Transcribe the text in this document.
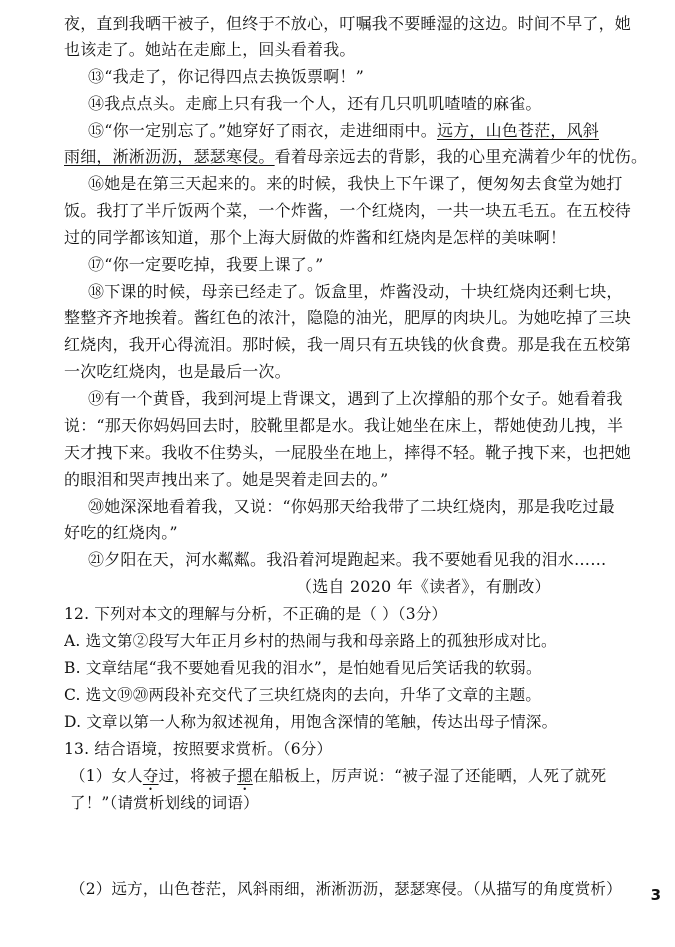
夜，直到我晒干被子，但终于不放心，叮嘱我不要睡湿的这边。时间不早了，她
也该走了。她站在走廊上，回头看着我。
⑬“我走了，你记得四点去换饭票啊！”
⑭我点点头。走廊上只有我一个人，还有几只叽叽喳喳的麻雀。
⑮“你一定别忘了。”她穿好了雨衣，走进细雨中。远方，山色苍茫，风斜
雨细，淅淅沥沥，瑟瑟寒侵。看着母亲远去的背影，我的心里充满着少年的忧伤。
⑯她是在第三天起来的。来的时候，我快上下午课了，便匆匆去食堂为她打
饭。我打了半斤饭两个菜，一个炸酱，一个红烧肉，一共一块五毛五。在五校待
过的同学都该知道，那个上海大厨做的炸酱和红烧肉是怎样的美味啊！
⑰“你一定要吃掉，我要上课了。”
⑱下课的时候，母亲已经走了。饭盒里，炸酱没动，十块红烧肉还剩七块，
整整齐齐地挨着。酱红色的浓汁，隐隐的油光，肥厚的肉块儿。为她吃掉了三块
红烧肉，我开心得流泪。那时候，我一周只有五块钱的伙食费。那是我在五校第
一次吃红烧肉，也是最后一次。
⑲有一个黄昏，我到河堤上背课文，遇到了上次撑船的那个女子。她看着我
说：“那天你妈妈回去时，胶靴里都是水。我让她坐在床上，帮她使劲儿拽，半
天才拽下来。我收不住势头，一屁股坐在地上，摔得不轻。靴子拽下来，也把她
的眼泪和哭声拽出来了。她是哭着走回去的。”
⑳她深深地看着我，又说：“你妈那天给我带了二块红烧肉，那是我吃过最
好吃的红烧肉。”
㉑夕阳在天，河水粼粼。我沿着河堤跑起来。我不要她看见我的泪水……
（选自 2020 年《读者》，有删改）
12. 下列对本文的理解与分析，不正确的是（ ）（3分）
A. 选文第②段写大年正月乡村的热闹与我和母亲路上的孤独形成对比。
B. 文章结尾“我不要她看见我的泪水”，是怕她看见后笑话我的软弱。
C. 选文⑲⑳两段补充交代了三块红烧肉的去向，升华了文章的主题。
D. 文章以第一人称为叙述视角，用饱含深情的笔触，传达出母子情深。
13. 结合语境，按照要求赏析。（6分）
（1）女人夺过，将被子摁在船板上，厉声说：“被子湿了还能晒，人死了就死
了！”（请赏析划线的词语）
（2）远方，山色苍茫，风斜雨细，淅淅沥沥，瑟瑟寒侵。（从描写的角度赏析）	3
